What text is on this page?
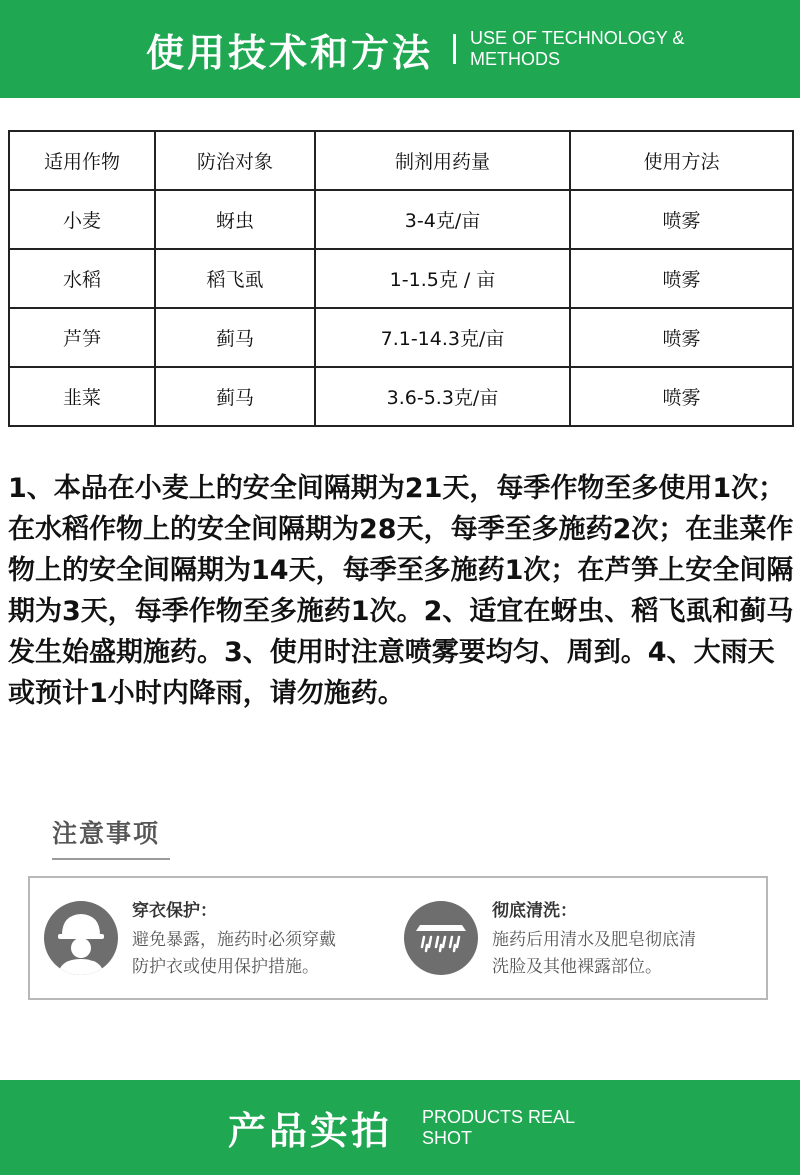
使用技术和方法 USE OF TECHNOLOGY &
METHODS
适用作物	防治对象	制剂用药量	使用方法
小麦	蚜虫	3-4克/亩	喷雾
水稻	稻飞虱	1-1.5克 / 亩	喷雾
芦笋	蓟马	7.1-14.3克/亩	喷雾
韭菜	蓟马	3.6-5.3克/亩	喷雾
1、本品在小麦上的安全间隔期为21天，每季作物至多使用1次；在水稻作物上的安全间隔期为28天，每季至多施药2次；在韭菜作物上的安全间隔期为14天，每季至多施药1次；在芦笋上安全间隔期为3天，每季作物至多施药1次。2、适宜在蚜虫、稻飞虱和蓟马发生始盛期施药。3、使用时注意喷雾要均匀、周到。4、大雨天或预计1小时内降雨，请勿施药。
注意事项
穿衣保护：
避免暴露，施药时必须穿戴
防护衣或使用保护措施。
彻底清洗：
施药后用清水及肥皂彻底清
洗脸及其他裸露部位。
产品实拍 PRODUCTS REAL
SHOT
